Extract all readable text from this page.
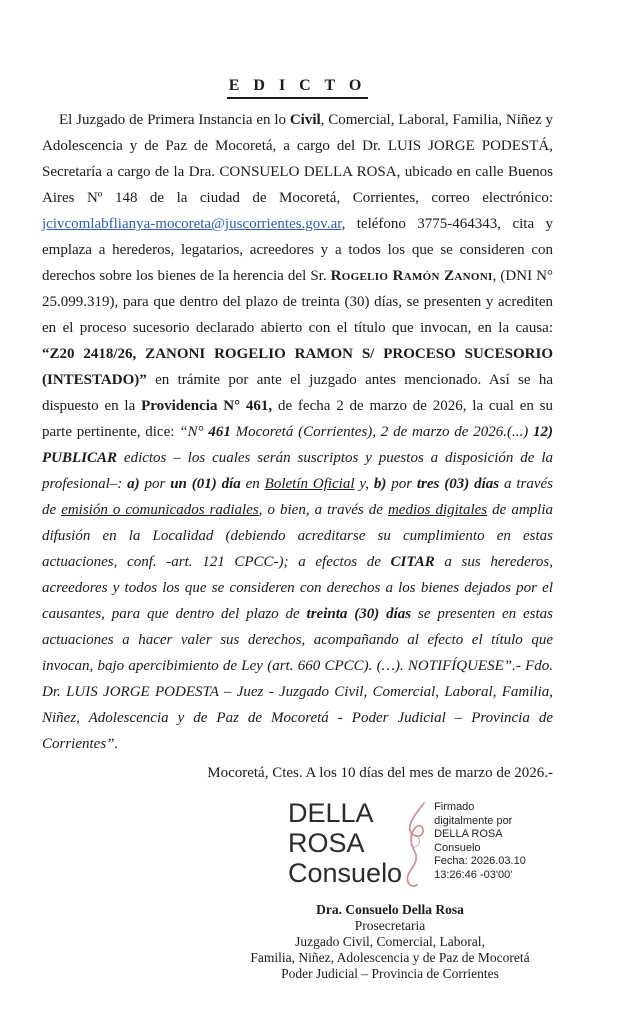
E D I C T O
El Juzgado de Primera Instancia en lo Civil, Comercial, Laboral, Familia, Niñez y Adolescencia y de Paz de Mocoretá, a cargo del Dr. LUIS JORGE PODESTÁ, Secretaría a cargo de la Dra. CONSUELO DELLA ROSA, ubicado en calle Buenos Aires Nº 148 de la ciudad de Mocoretá, Corrientes, correo electrónico: jcivcomlabflianya-mocoreta@juscorrientes.gov.ar, teléfono 3775-464343, cita y emplaza a herederos, legatarios, acreedores y a todos los que se consideren con derechos sobre los bienes de la herencia del Sr. Rogelio Ramón Zanoni, (DNI N° 25.099.319), para que dentro del plazo de treinta (30) días, se presenten y acrediten en el proceso sucesorio declarado abierto con el título que invocan, en la causa: “Z20 2418/26, ZANONI ROGELIO RAMON S/ PROCESO SUCESORIO (INTESTADO)” en trámite por ante el juzgado antes mencionado. Así se ha dispuesto en la Providencia N° 461, de fecha 2 de marzo de 2026, la cual en su parte pertinente, dice: “N° 461 Mocoretá (Corrientes), 2 de marzo de 2026.(...) 12) PUBLICAR edictos – los cuales serán suscriptos y puestos a disposición de la profesional–: a) por un (01) día en Boletín Oficial y, b) por tres (03) días a través de emisión o comunicados radiales, o bien, a través de medios digitales de amplia difusión en la Localidad (debiendo acreditarse su cumplimiento en estas actuaciones, conf. -art. 121 CPCC-); a efectos de CITAR a sus herederos, acreedores y todos los que se consideren con derechos a los bienes dejados por el causantes, para que dentro del plazo de treinta (30) días se presenten en estas actuaciones a hacer valer sus derechos, acompañando al efecto el título que invocan, bajo apercibimiento de Ley (art. 660 CPCC). (…). NOTIFÍQUESE”.- Fdo. Dr. LUIS JORGE PODESTA – Juez - Juzgado Civil, Comercial, Laboral, Familia, Niñez, Adolescencia y de Paz de Mocoretá - Poder Judicial – Provincia de Corrientes”.
Mocoretá, Ctes. A los 10 días del mes de marzo de 2026.-
DELLA
ROSA
Consuelo
Firmado
digitalmente por
DELLA ROSA
Consuelo
Fecha: 2026.03.10
13:26:46 -03'00'
Dra. Consuelo Della Rosa
Prosecretaria
Juzgado Civil, Comercial, Laboral,
Familia, Niñez, Adolescencia y de Paz de Mocoretá
Poder Judicial – Provincia de Corrientes
